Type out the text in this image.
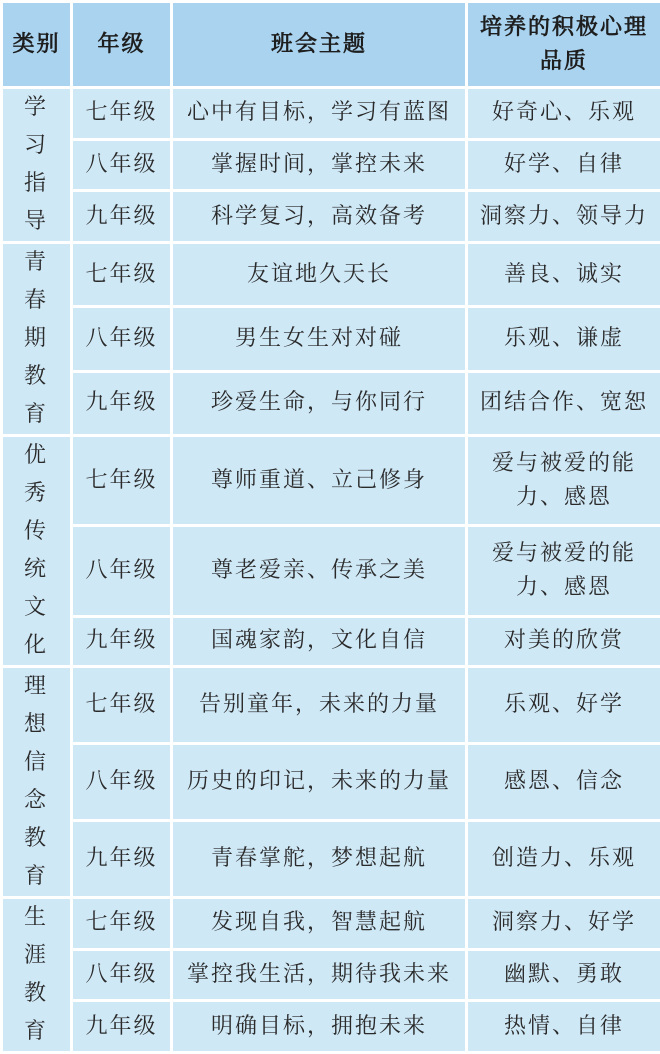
类别	年级	班会主题	培养的积极心理品质
学习指导	七年级	心中有目标，学习有蓝图	好奇心、乐观
	八年级	掌握时间，掌控未来	好学、自律
	九年级	科学复习，高效备考	洞察力、领导力
青春期教育	七年级	友谊地久天长	善良、诚实
	八年级	男生女生对对碰	乐观、谦虚
	九年级	珍爱生命，与你同行	团结合作、宽恕
优秀传统文化	七年级	尊师重道、立己修身	爱与被爱的能力、感恩
	八年级	尊老爱亲、传承之美	爱与被爱的能力、感恩
	九年级	国魂家韵，文化自信	对美的欣赏
理想信念教育	七年级	告别童年，未来的力量	乐观、好学
	八年级	历史的印记，未来的力量	感恩、信念
	九年级	青春掌舵，梦想起航	创造力、乐观
生涯教育	七年级	发现自我，智慧起航	洞察力、好学
	八年级	掌控我生活，期待我未来	幽默、勇敢
	九年级	明确目标，拥抱未来	热情、自律
